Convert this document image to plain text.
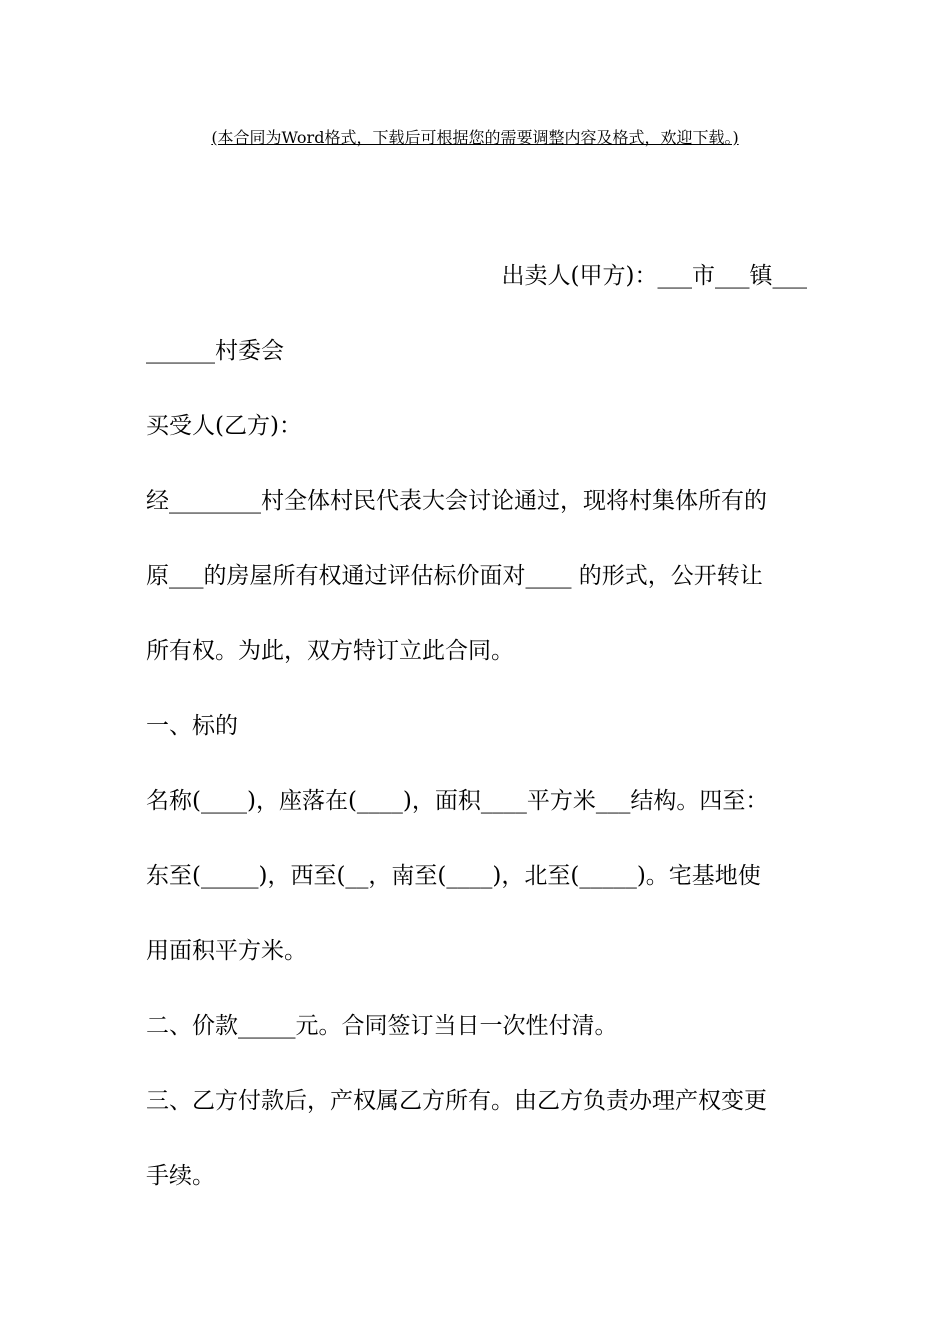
(本合同为Word格式，下载后可根据您的需要调整内容及格式，欢迎下载。)
出卖人(甲方)：___市___镇___
______村委会
买受人(乙方)：
经________村全体村民代表大会讨论通过，现将村集体所有的
原___的房屋所有权通过评估标价面对____ 的形式，公开转让
所有权。为此，双方特订立此合同。
一、标的
名称(____)，座落在(____)，面积____平方米___结构。四至：
东至(_____)，西至(__，南至(____)，北至(_____)。宅基地使
用面积平方米。
二、价款_____元。合同签订当日一次性付清。
三、乙方付款后，产权属乙方所有。由乙方负责办理产权变更
手续。
